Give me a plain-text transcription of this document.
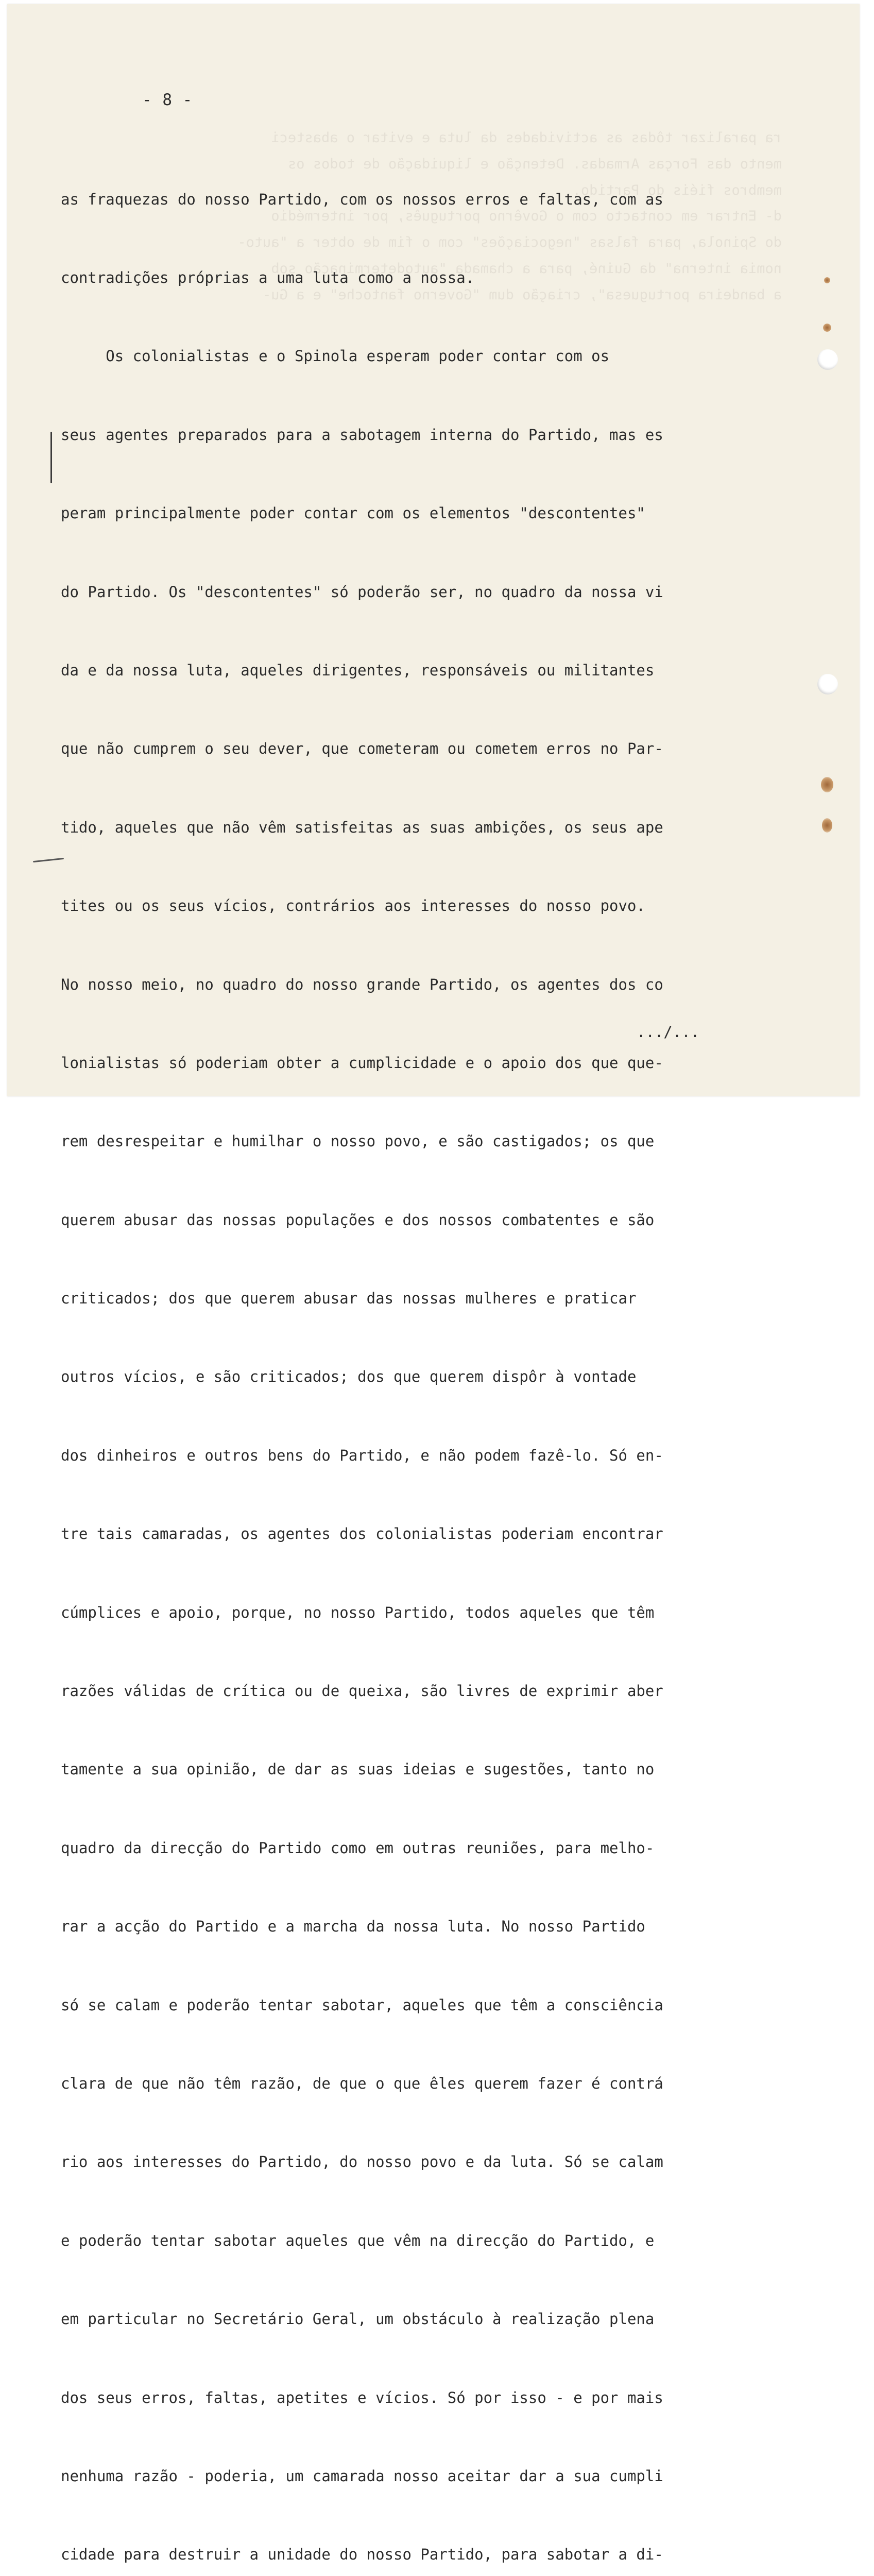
ra paralizar tôdas as actividades da luta e evitar o abasteci
mento das Forças Armadas. Detenção e liquidação de todos os
membros fiéis do Partido.
d- Entrar em contacto com o Govêrno português, por intermédio
do Spinola, para falsas "negociações" com o fim de obter a "auto-
nomia interna" da Guiné, para a chamada "autodeterminação sob
a bandeira portuguesa", criação dum "Governo fantoche" e a Gu-
- 8 -

as fraquezas do nosso Partido, com os nossos erros e faltas, com as

contradições próprias a uma luta como a nossa.

Os colonialistas e o Spinola esperam poder contar com os

seus agentes preparados para a sabotagem interna do Partido, mas es

peram principalmente poder contar com os elementos "descontentes"

do Partido. Os "descontentes" só poderão ser, no quadro da nossa vi

da e da nossa luta, aqueles dirigentes, responsáveis ou militantes

que não cumprem o seu dever, que cometeram ou cometem erros no Par-

tido, aqueles que não vêm satisfeitas as suas ambições, os seus ape

tites ou os seus vícios, contrários aos interesses do nosso povo.

No nosso meio, no quadro do nosso grande Partido, os agentes dos co

lonialistas só poderiam obter a cumplicidade e o apoio dos que que-

rem desrespeitar e humilhar o nosso povo, e são castigados; os que

querem abusar das nossas populações e dos nossos combatentes e são

criticados; dos que querem abusar das nossas mulheres e praticar

outros vícios, e são criticados; dos que querem dispôr à vontade

dos dinheiros e outros bens do Partido, e não podem fazê-lo. Só en-

tre tais camaradas, os agentes dos colonialistas poderiam encontrar

cúmplices e apoio, porque, no nosso Partido, todos aqueles que têm

razões válidas de crítica ou de queixa, são livres de exprimir aber

tamente a sua opinião, de dar as suas ideias e sugestões, tanto no

quadro da direcção do Partido como em outras reuniões, para melho-

rar a acção do Partido e a marcha da nossa luta. No nosso Partido

só se calam e poderão tentar sabotar, aqueles que têm a consciência

clara de que não têm razão, de que o que êles querem fazer é contrá

rio aos interesses do Partido, do nosso povo e da luta. Só se calam

e poderão tentar sabotar aqueles que vêm na direcção do Partido, e

em particular no Secretário Geral, um obstáculo à realização plena

dos seus erros, faltas, apetites e vícios. Só por isso - e por mais

nenhuma razão - poderia, um camarada nosso aceitar dar a sua cumpli

cidade para destruir a unidade do nosso Partido, para sabotar a di-

.../...
